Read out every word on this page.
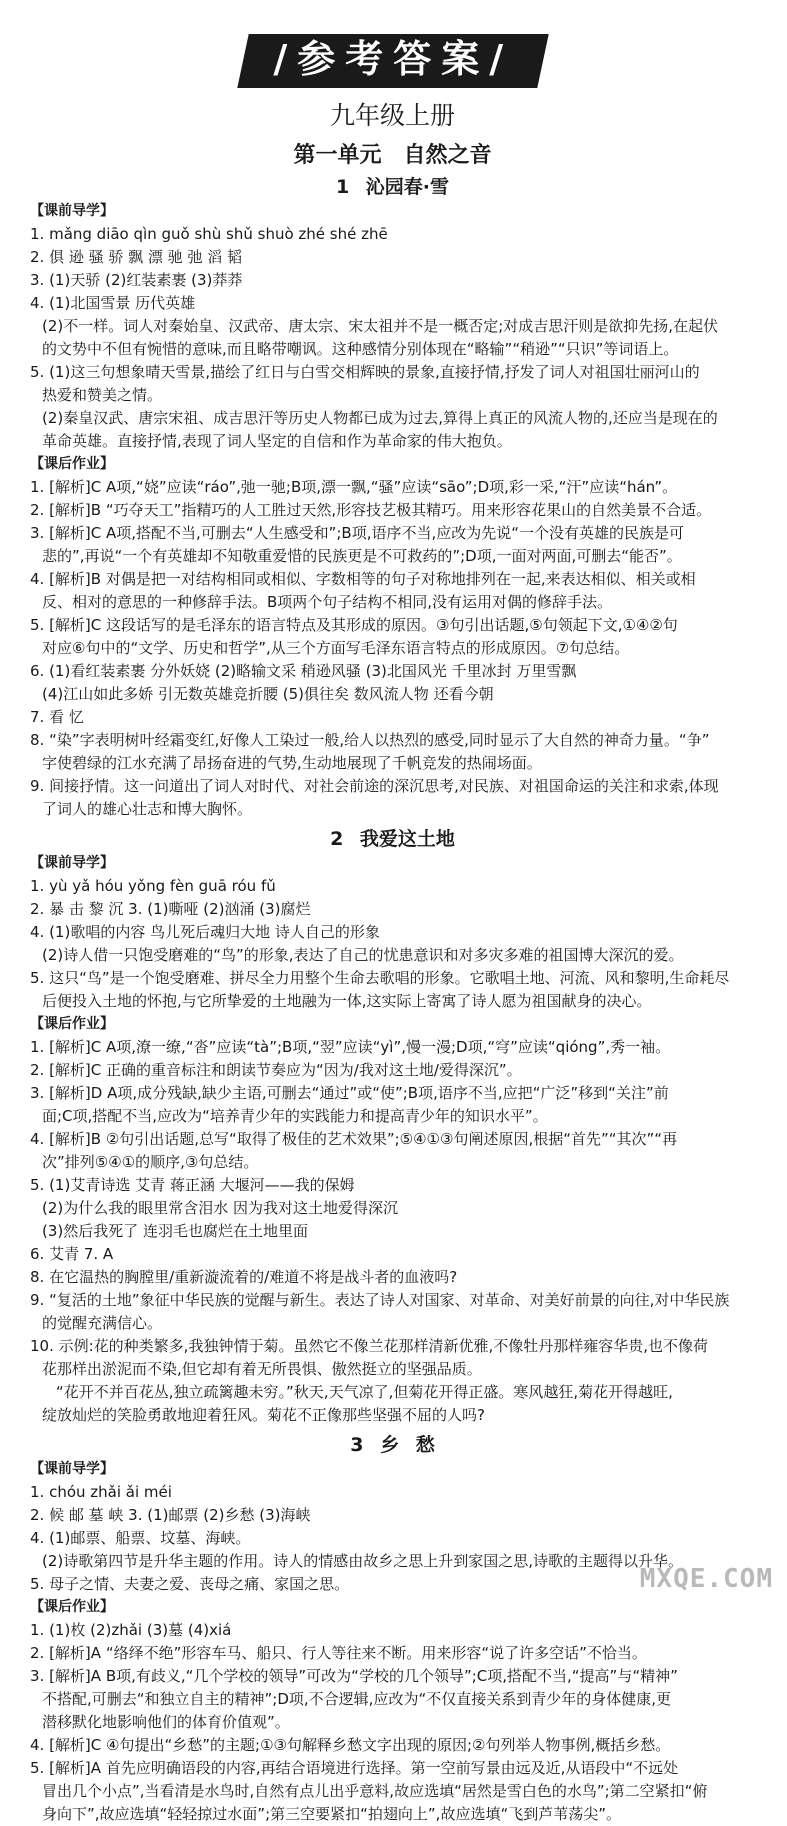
/参考答案/
九年级上册
第一单元　自然之音
1 沁园春·雪
【课前导学】
1. mǎng diāo qìn guǒ shù shǔ shuò zhé shé zhē
2. 俱 逊 骚 骄 飘 漂 驰 弛 滔 韬
3. (1)天骄 (2)红装素裹 (3)莽莽
4. (1)北国雪景 历代英雄
(2)不一样。词人对秦始皇、汉武帝、唐太宗、宋太祖并不是一概否定;对成吉思汗则是欲抑先扬,在起伏
的文势中不但有惋惜的意味,而且略带嘲讽。这种感情分别体现在“略输”“稍逊”“只识”等词语上。
5. (1)这三句想象晴天雪景,描绘了红日与白雪交相辉映的景象,直接抒情,抒发了词人对祖国壮丽河山的
热爱和赞美之情。
(2)秦皇汉武、唐宗宋祖、成吉思汗等历史人物都已成为过去,算得上真正的风流人物的,还应当是现在的
革命英雄。直接抒情,表现了词人坚定的自信和作为革命家的伟大抱负。
【课后作业】
1. [解析]C A项,“娆”应读“ráo”,弛一驰;B项,漂一飘,“骚”应读“sāo”;D项,彩一采,“汗”应读“hán”。
2. [解析]B “巧夺天工”指精巧的人工胜过天然,形容技艺极其精巧。用来形容花果山的自然美景不合适。
3. [解析]C A项,搭配不当,可删去“人生感受和”;B项,语序不当,应改为先说“一个没有英雄的民族是可
悲的”,再说“一个有英雄却不知敬重爱惜的民族更是不可救药的”;D项,一面对两面,可删去“能否”。
4. [解析]B 对偶是把一对结构相同或相似、字数相等的句子对称地排列在一起,来表达相似、相关或相
反、相对的意思的一种修辞手法。B项两个句子结构不相同,没有运用对偶的修辞手法。
5. [解析]C 这段话写的是毛泽东的语言特点及其形成的原因。③句引出话题,⑤句领起下文,①④②句
对应⑥句中的“文学、历史和哲学”,从三个方面写毛泽东语言特点的形成原因。⑦句总结。
6. (1)看红装素裹 分外妖娆 (2)略输文采 稍逊风骚 (3)北国风光 千里冰封 万里雪飘
(4)江山如此多娇 引无数英雄竞折腰 (5)俱往矣 数风流人物 还看今朝
7. 看 忆
8. “染”字表明树叶经霜变红,好像人工染过一般,给人以热烈的感受,同时显示了大自然的神奇力量。“争”
字使碧绿的江水充满了昂扬奋进的气势,生动地展现了千帆竞发的热闹场面。
9. 间接抒情。这一问道出了词人对时代、对社会前途的深沉思考,对民族、对祖国命运的关注和求索,体现
了词人的雄心壮志和博大胸怀。
2 我爱这土地
【课前导学】
1. yù yǎ hóu yǒng fèn guā róu fǔ
2. 暴 击 黎 沉 3. (1)嘶哑 (2)汹涌 (3)腐烂
4. (1)歌唱的内容 鸟儿死后魂归大地 诗人自己的形象
(2)诗人借一只饱受磨难的“鸟”的形象,表达了自己的忧患意识和对多灾多难的祖国博大深沉的爱。
5. 这只“鸟”是一个饱受磨难、拼尽全力用整个生命去歌唱的形象。它歌唱土地、河流、风和黎明,生命耗尽
后便投入土地的怀抱,与它所挚爱的土地融为一体,这实际上寄寓了诗人愿为祖国献身的决心。
【课后作业】
1. [解析]C A项,潦一缭,“沓”应读“tà”;B项,“翌”应读“yì”,慢一漫;D项,“穹”应读“qióng”,秀一袖。
2. [解析]C 正确的重音标注和朗读节奏应为“因为/我对这土地/爱得深沉”。
3. [解析]D A项,成分残缺,缺少主语,可删去“通过”或“使”;B项,语序不当,应把“广泛”移到“关注”前
面;C项,搭配不当,应改为“培养青少年的实践能力和提高青少年的知识水平”。
4. [解析]B ②句引出话题,总写“取得了极佳的艺术效果”;⑤④①③句阐述原因,根据“首先”“其次”“再
次”排列⑤④①的顺序,③句总结。
5. (1)艾青诗选 艾青 蒋正涵 大堰河——我的保姆
(2)为什么我的眼里常含泪水 因为我对这土地爱得深沉
(3)然后我死了 连羽毛也腐烂在土地里面
6. 艾青 7. A
8. 在它温热的胸膛里/重新漩流着的/难道不将是战斗者的血液吗?
9. “复活的土地”象征中华民族的觉醒与新生。表达了诗人对国家、对革命、对美好前景的向往,对中华民族
的觉醒充满信心。
10. 示例:花的种类繁多,我独钟情于菊。虽然它不像兰花那样清新优雅,不像牡丹那样雍容华贵,也不像荷
花那样出淤泥而不染,但它却有着无所畏惧、傲然挺立的坚强品质。
“花开不并百花丛,独立疏篱趣未穷。”秋天,天气凉了,但菊花开得正盛。寒风越狂,菊花开得越旺,
绽放灿烂的笑脸勇敢地迎着狂风。菊花不正像那些坚强不屈的人吗?
3 乡 愁
【课前导学】
1. chóu zhǎi ǎi méi
2. 候 邮 墓 峡 3. (1)邮票 (2)乡愁 (3)海峡
4. (1)邮票、船票、坟墓、海峡。
(2)诗歌第四节是升华主题的作用。诗人的情感由故乡之思上升到家国之思,诗歌的主题得以升华。
5. 母子之情、夫妻之爱、丧母之痛、家国之思。
【课后作业】
1. (1)枚 (2)zhǎi (3)墓 (4)xiá
2. [解析]A “络绎不绝”形容车马、船只、行人等往来不断。用来形容“说了许多空话”不恰当。
3. [解析]A B项,有歧义,“几个学校的领导”可改为“学校的几个领导”;C项,搭配不当,“提高”与“精神”
不搭配,可删去“和独立自主的精神”;D项,不合逻辑,应改为“不仅直接关系到青少年的身体健康,更
潜移默化地影响他们的体育价值观”。
4. [解析]C ④句提出“乡愁”的主题;①③句解释乡愁文字出现的原因;②句列举人物事例,概括乡愁。
5. [解析]A 首先应明确语段的内容,再结合语境进行选择。第一空前写景由远及近,从语段中“不远处
冒出几个小点”,当看清是水鸟时,自然有点儿出乎意料,故应选填“居然是雪白色的水鸟”;第二空紧扣“俯
身向下”,故应选填“轻轻掠过水面”;第三空要紧扣“拍翅向上”,故应选填“飞到芦苇荡尖”。
MXQE.COM
